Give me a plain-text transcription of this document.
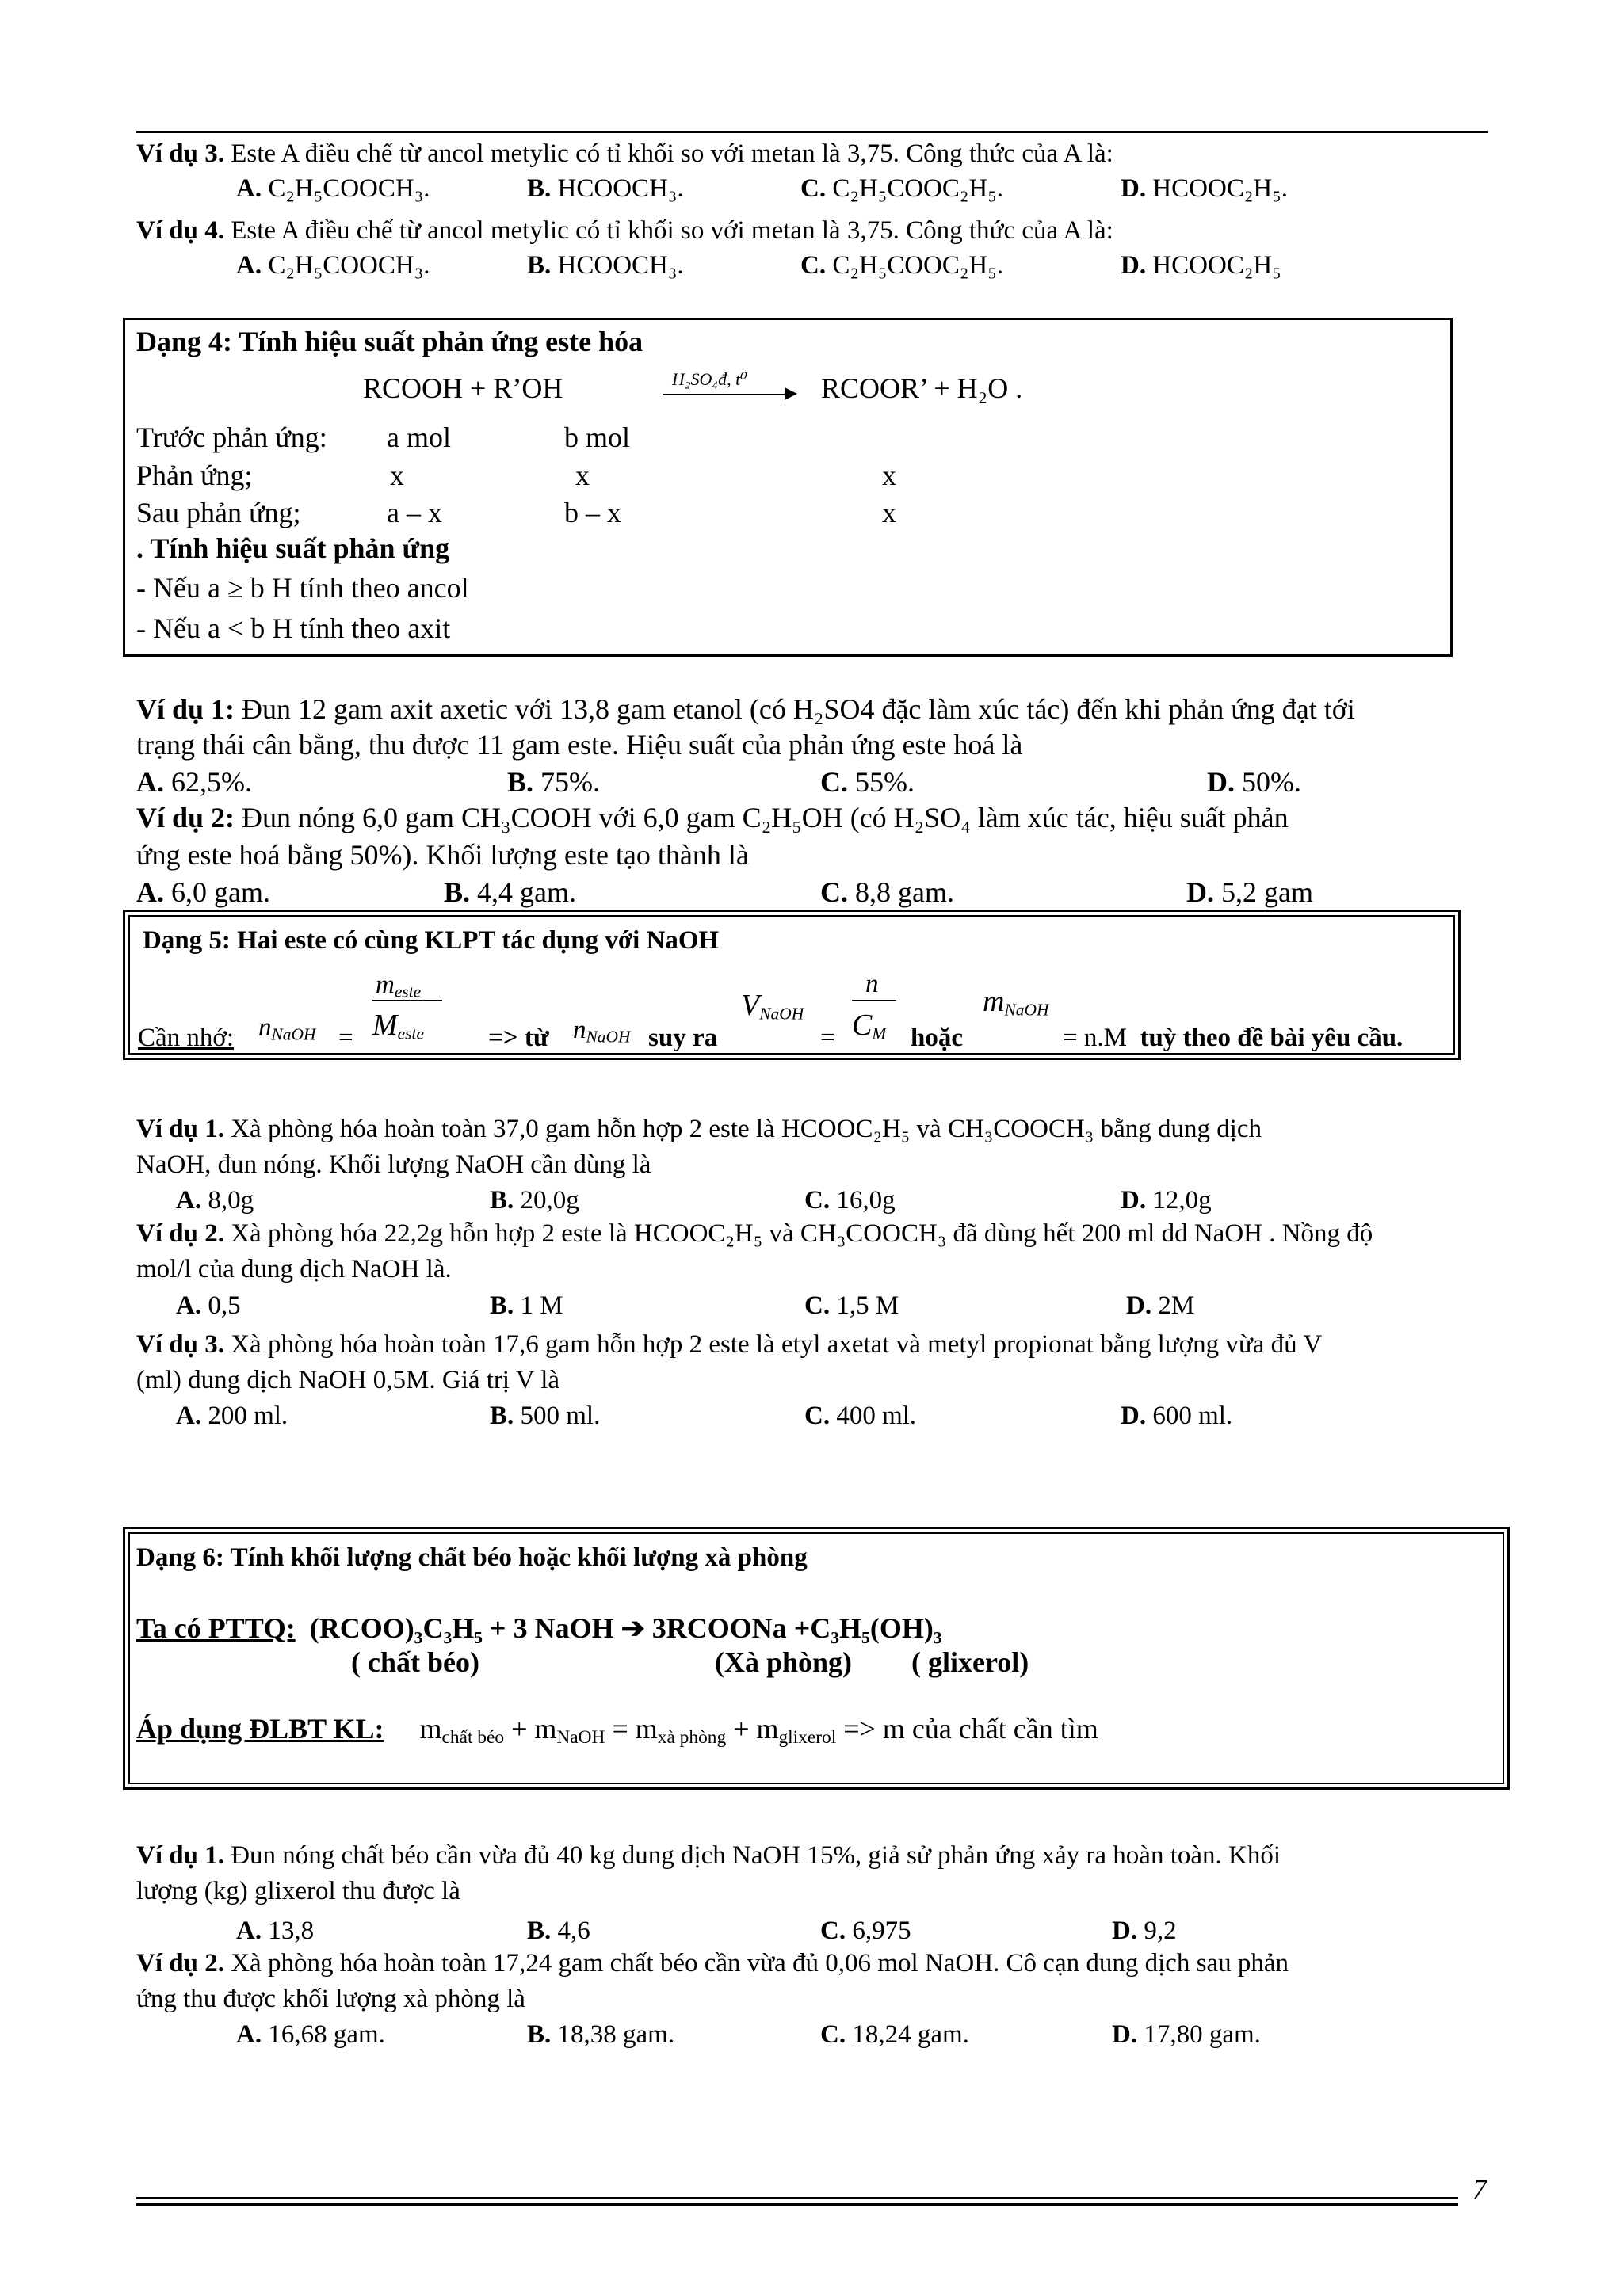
Ví dụ 3. Este A điều chế từ ancol metylic có tỉ khối so với metan là 3,75. Công thức của A là:
A. C₂H₅COOCH₃.	B. HCOOCH₃.	C. C₂H₅COOC₂H₅.	D. HCOOC₂H₅.
Ví dụ 4. Este A điều chế từ ancol metylic có tỉ khối so với metan là 3,75. Công thức của A là:
A. C₂H₅COOCH₃.	B. HCOOCH₃.	C. C₂H₅COOC₂H₅.	D. HCOOC₂H₅
Dạng 4: Tính hiệu suất phản ứng este hóa
RCOOH + R’OH	H₂SO₄đ, t⁰	RCOOR’ + H₂O .
Trước phản ứng: a mol	b mol
Phản ứng;	x	x	x
Sau phản ứng;	a – x	b – x	x
. Tính hiệu suất phản ứng
- Nếu a ≥ b H tính theo ancol
- Nếu a < b H tính theo axit
Ví dụ 1: Đun 12 gam axit axetic với 13,8 gam etanol (có H₂SO4 đặc làm xúc tác) đến khi phản ứng đạt tới
trạng thái cân bằng, thu được 11 gam este. Hiệu suất của phản ứng este hoá là
A. 62,5%.	B. 75%.	C. 55%.	D. 50%.
Ví dụ 2: Đun nóng 6,0 gam CH₃COOH với 6,0 gam C₂H₅OH (có H₂SO₄ làm xúc tác, hiệu suất phản
ứng este hoá bằng 50%). Khối lượng este tạo thành là
A. 6,0 gam.	B. 4,4 gam.	C. 8,8 gam.	D. 5,2 gam
Dạng 5: Hai este có cùng KLPT tác dụng với NaOH
Cần nhớ: $n_{NaOH}$ =
$m_{este}$
$M_{este}$ => từ $n_{NaOH}$ suy ra
$V_{NaOH}$
=
n
$C_M$ hoặc
$m_{NaOH}$
= n.M tuỳ theo đề bài yêu cầu.
Ví dụ 1. Xà phòng hóa hoàn toàn 37,0 gam hỗn hợp 2 este là HCOOC₂H₅ và CH₃COOCH₃ bằng dung dịch
NaOH, đun nóng. Khối lượng NaOH cần dùng là
A. 8,0g	B. 20,0g	C. 16,0g	D. 12,0g
Ví dụ 2. Xà phòng hóa 22,2g hỗn hợp 2 este là HCOOC₂H₅ và CH₃COOCH₃ đã dùng hết 200 ml dd NaOH . Nồng độ
mol/l của dung dịch NaOH là.
A. 0,5	B. 1 M	C. 1,5 M	D. 2M
Ví dụ 3. Xà phòng hóa hoàn toàn 17,6 gam hỗn hợp 2 este là etyl axetat và metyl propionat bằng lượng vừa đủ V
(ml) dung dịch NaOH 0,5M. Giá trị V là
A. 200 ml.	B. 500 ml.	C. 400 ml.	D. 600 ml.
Dạng 6: Tính khối lượng chất béo hoặc khối lượng xà phòng
Ta có PTTQ: (RCOO)₃C₃H₅ + 3 NaOH ➔ 3RCOONa +C₃H₅(OH)₃
( chất béo)	(Xà phòng) ( glixerol)
Áp dụng ĐLBT KL: $m_{chất béo} + m_{NaOH} = m_{xà phòng} + m_{glixerol} => m$ của chất cần tìm
Ví dụ 1. Đun nóng chất béo cần vừa đủ 40 kg dung dịch NaOH 15%, giả sử phản ứng xảy ra hoàn toàn. Khối
lượng (kg) glixerol thu được là
A. 13,8	B. 4,6	C. 6,975	D. 9,2
Ví dụ 2. Xà phòng hóa hoàn toàn 17,24 gam chất béo cần vừa đủ 0,06 mol NaOH. Cô cạn dung dịch sau phản
ứng thu được khối lượng xà phòng là
A. 16,68 gam.	B. 18,38 gam.	C. 18,24 gam.	D. 17,80 gam.
7
